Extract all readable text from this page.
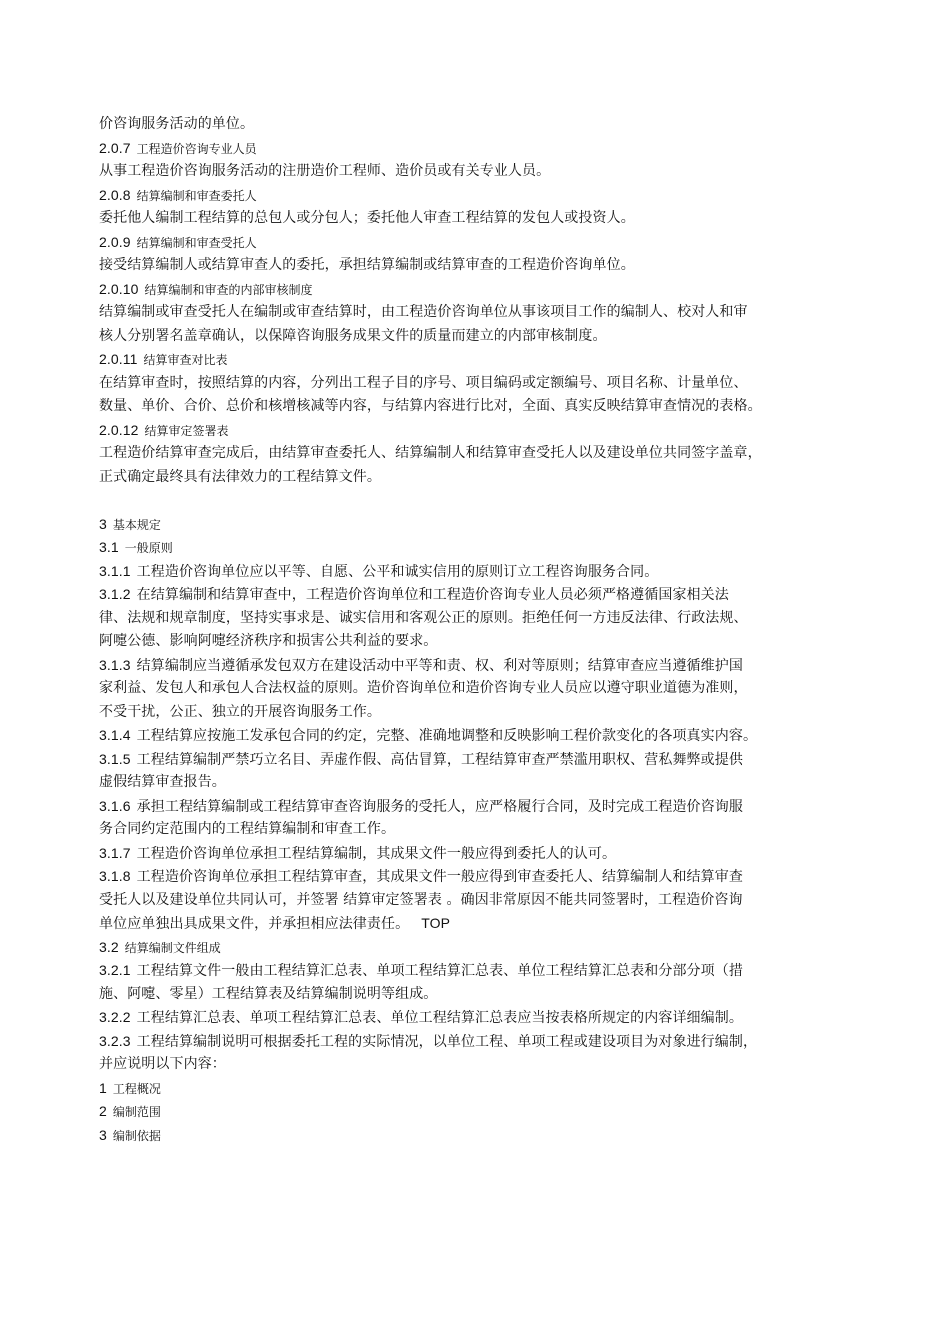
价咨询服务活动的单位。
2.0.7 工程造价咨询专业人员
从事工程造价咨询服务活动的注册造价工程师、造价员或有关专业人员。
2.0.8 结算编制和审查委托人
委托他人编制工程结算的总包人或分包人；委托他人审查工程结算的发包人或投资人。
2.0.9 结算编制和审查受托人
接受结算编制人或结算审查人的委托，承担结算编制或结算审查的工程造价咨询单位。
2.0.10 结算编制和审查的内部审核制度
结算编制或审查受托人在编制或审查结算时，由工程造价咨询单位从事该项目工作的编制人、校对人和审
核人分别署名盖章确认，以保障咨询服务成果文件的质量而建立的内部审核制度。
2.0.11 结算审查对比表
在结算审查时，按照结算的内容，分列出工程子目的序号、项目编码或定额编号、项目名称、计量单位、
数量、单价、合价、总价和核增核减等内容，与结算内容进行比对，全面、真实反映结算审查情况的表格。
2.0.12 结算审定签署表
工程造价结算审查完成后，由结算审查委托人、结算编制人和结算审查受托人以及建设单位共同签字盖章，
正式确定最终具有法律效力的工程结算文件。
3 基本规定
3.1 一般原则
3.1.1 工程造价咨询单位应以平等、自愿、公平和诚实信用的原则订立工程咨询服务合同。
3.1.2 在结算编制和结算审查中，工程造价咨询单位和工程造价咨询专业人员必须严格遵循国家相关法
律、法规和规章制度，坚持实事求是、诚实信用和客观公正的原则。拒绝任何一方违反法律、行政法规、
阿嚏公德、影响阿嚏经济秩序和损害公共利益的要求。
3.1.3 结算编制应当遵循承发包双方在建设活动中平等和责、权、利对等原则；结算审查应当遵循维护国
家利益、发包人和承包人合法权益的原则。造价咨询单位和造价咨询专业人员应以遵守职业道德为准则，
不受干扰，公正、独立的开展咨询服务工作。
3.1.4 工程结算应按施工发承包合同的约定，完整、准确地调整和反映影响工程价款变化的各项真实内容。
3.1.5 工程结算编制严禁巧立名目、弄虚作假、高估冒算，工程结算审查严禁滥用职权、营私舞弊或提供
虚假结算审查报告。
3.1.6 承担工程结算编制或工程结算审查咨询服务的受托人，应严格履行合同，及时完成工程造价咨询服
务合同约定范围内的工程结算编制和审查工作。
3.1.7 工程造价咨询单位承担工程结算编制，其成果文件一般应得到委托人的认可。
3.1.8 工程造价咨询单位承担工程结算审查，其成果文件一般应得到审查委托人、结算编制人和结算审查
受托人以及建设单位共同认可，并签署 结算审定签署表 。确因非常原因不能共同签署时，工程造价咨询
单位应单独出具成果文件，并承担相应法律责任。 TOP
3.2 结算编制文件组成
3.2.1 工程结算文件一般由工程结算汇总表、单项工程结算汇总表、单位工程结算汇总表和分部分项（措
施、阿嚏、零星）工程结算表及结算编制说明等组成。
3.2.2 工程结算汇总表、单项工程结算汇总表、单位工程结算汇总表应当按表格所规定的内容详细编制。
3.2.3 工程结算编制说明可根据委托工程的实际情况，以单位工程、单项工程或建设项目为对象进行编制，
并应说明以下内容：
1 工程概况
2 编制范围
3 编制依据
